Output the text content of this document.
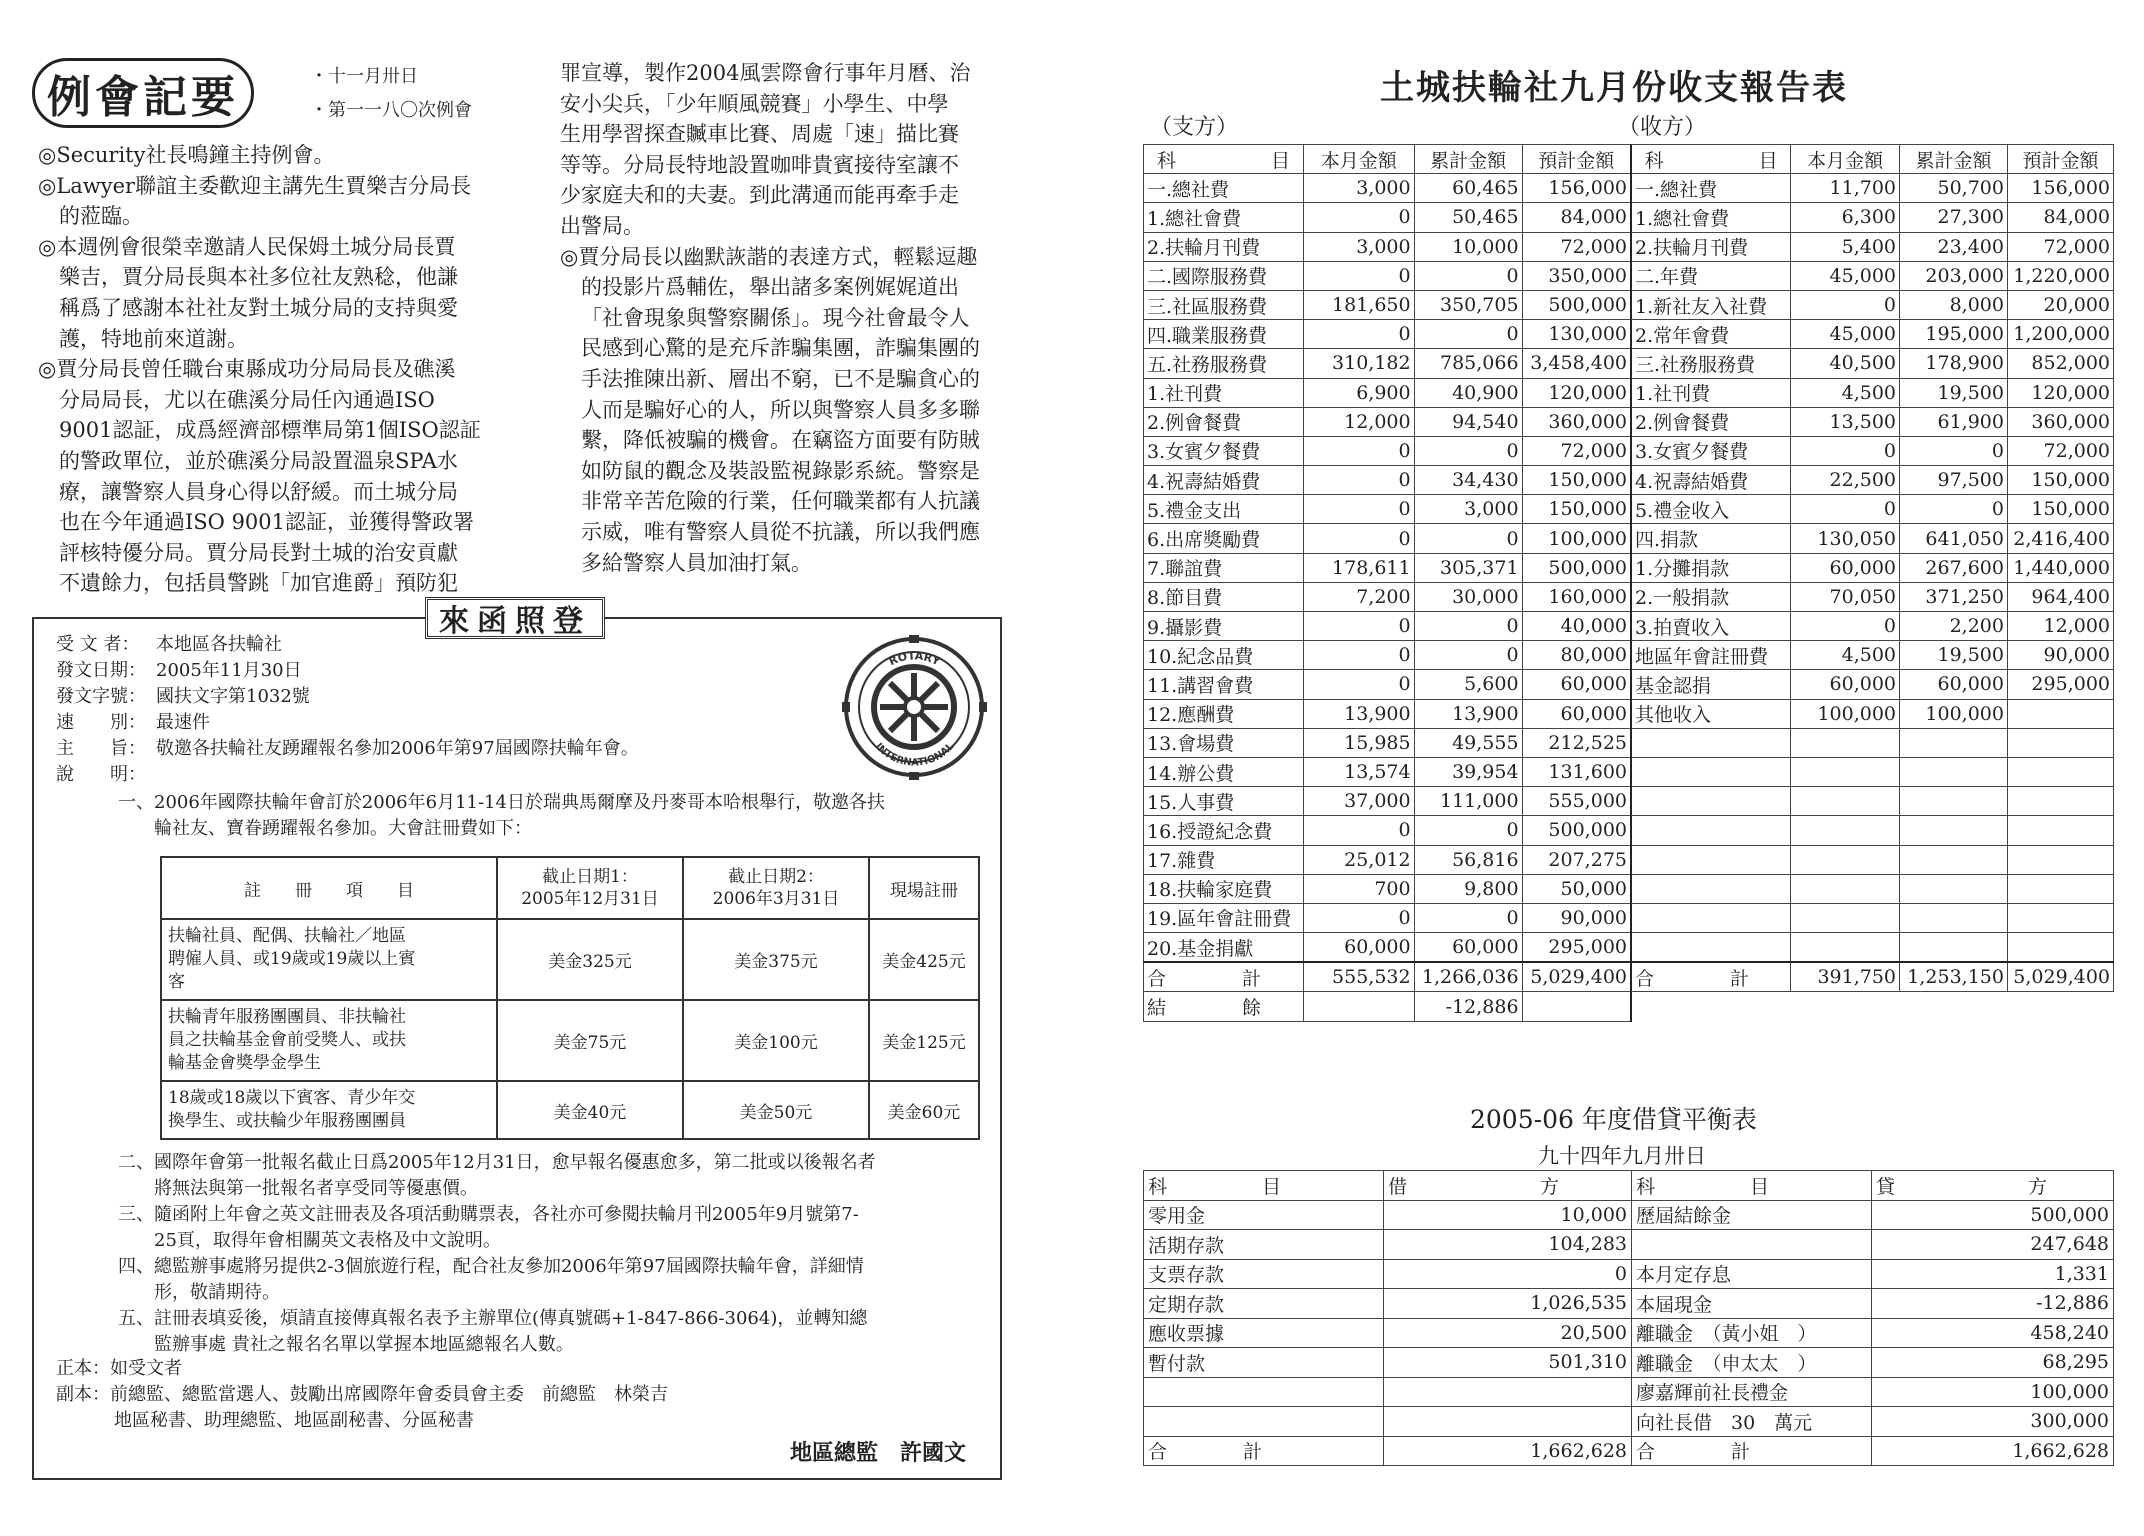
例會記要	・十一月卅日
・第一一八〇次例會
◎Security社長鳴鐘主持例會。
◎Lawyer聯誼主委歡迎主講先生賈樂吉分局長
的蒞臨。
◎本週例會很榮幸邀請人民保姆土城分局長賈
樂吉，賈分局長與本社多位社友熟稔，他謙
稱爲了感謝本社社友對土城分局的支持與愛
護，特地前來道謝。
◎賈分局長曾任職台東縣成功分局局長及礁溪
分局局長，尤以在礁溪分局任內通過ISO
9001認証，成爲經濟部標準局第1個ISO認証
的警政單位，並於礁溪分局設置溫泉SPA水
療，讓警察人員身心得以舒緩。而土城分局
也在今年通過ISO 9001認証，並獲得警政署
評核特優分局。賈分局長對土城的治安貢獻
不遺餘力，包括員警跳「加官進爵」預防犯
罪宣導，製作2004風雲際會行事年月曆、治
安小尖兵，「少年順風競賽」小學生、中學
生用學習探查贓車比賽、周處「速」描比賽
等等。分局長特地設置咖啡貴賓接待室讓不
少家庭夫和的夫妻。到此溝通而能再牽手走
出警局。
◎賈分局長以幽默詼諧的表達方式，輕鬆逗趣
的投影片爲輔佐，舉出諸多案例娓娓道出
「社會現象與警察關係」。現今社會最令人
民感到心驚的是充斥詐騙集團，詐騙集團的
手法推陳出新、層出不窮，已不是騙貪心的
人而是騙好心的人，所以與警察人員多多聯
繫，降低被騙的機會。在竊盜方面要有防賊
如防鼠的觀念及裝設監視錄影系統。警察是
非常辛苦危險的行業，任何職業都有人抗議
示威，唯有警察人員從不抗議，所以我們應
多給警察人員加油打氣。
來函照登
ROTARY
INTERNATIONAL
受 文 者： 本地區各扶輪社
發文日期： 2005年11月30日
發文字號： 國扶文字第1032號
速　　別： 最速件
主　　旨： 敬邀各扶輪社友踴躍報名參加2006年第97屆國際扶輪年會。
說　　明：
一、2006年國際扶輪年會訂於2006年6月11-14日於瑞典馬爾摩及丹麥哥本哈根舉行，敬邀各扶
輪社友、寶眷踴躍報名參加。大會註冊費如下：
註　　冊　　項　　目	截止日期1：
2005年12月31日	截止日期2：
2006年3月31日	現場註冊

扶輪社員、配偶、扶輪社／地區
聘僱人員、或19歲或19歲以上賓
客	美金325元	美金375元	美金425元

扶輪青年服務團團員、非扶輪社
員之扶輪基金會前受獎人、或扶
輪基金會獎學金學生	美金75元	美金100元	美金125元

18歲或18歲以下賓客、青少年交
換學生、或扶輪少年服務團團員	美金40元	美金50元	美金60元
二、國際年會第一批報名截止日爲2005年12月31日，愈早報名優惠愈多，第二批或以後報名者
將無法與第一批報名者享受同等優惠價。
三、隨函附上年會之英文註冊表及各項活動購票表，各社亦可參閱扶輪月刊2005年9月號第7-
25頁，取得年會相關英文表格及中文說明。
四、總監辦事處將另提供2-3個旅遊行程，配合社友參加2006年第97屆國際扶輪年會，詳細情
形，敬請期待。
五、註冊表填妥後，煩請直接傳真報名表予主辦單位(傳真號碼+1-847-866-3064)，並轉知總
監辦事處 貴社之報名名單以掌握本地區總報名人數。
正本：如受文者
副本：前總監、總監當選人、鼓勵出席國際年會委員會主委　前總監　林榮吉
地區秘書、助理總監、地區副秘書、分區秘書
地區總監　許國文
土城扶輪社九月份收支報告表
（支方）	（收方）
科　　　　　目	本月金額	累計金額	預計金額	科　　　　　目	本月金額	累計金額	預計金額
一.總社費	3,000	60,465	156,000	一.總社費	11,700	50,700	156,000
1.總社會費	0	50,465	84,000	1.總社會費	6,300	27,300	84,000
2.扶輪月刊費	3,000	10,000	72,000	2.扶輪月刊費	5,400	23,400	72,000
二.國際服務費	0	0	350,000	二.年費	45,000	203,000	1,220,000
三.社區服務費	181,650	350,705	500,000	1.新社友入社費	0	8,000	20,000
四.職業服務費	0	0	130,000	2.常年會費	45,000	195,000	1,200,000
五.社務服務費	310,182	785,066	3,458,400	三.社務服務費	40,500	178,900	852,000
1.社刊費	6,900	40,900	120,000	1.社刊費	4,500	19,500	120,000
2.例會餐費	12,000	94,540	360,000	2.例會餐費	13,500	61,900	360,000
3.女賓夕餐費	0	0	72,000	3.女賓夕餐費	0	0	72,000
4.祝壽結婚費	0	34,430	150,000	4.祝壽結婚費	22,500	97,500	150,000
5.禮金支出	0	3,000	150,000	5.禮金收入	0	0	150,000
6.出席獎勵費	0	0	100,000	四.捐款	130,050	641,050	2,416,400
7.聯誼費	178,611	305,371	500,000	1.分攤捐款	60,000	267,600	1,440,000
8.節目費	7,200	30,000	160,000	2.一般捐款	70,050	371,250	964,400
9.攝影費	0	0	40,000	3.拍賣收入	0	2,200	12,000
10.紀念品費	0	0	80,000	地區年會註冊費	4,500	19,500	90,000
11.講習會費	0	5,600	60,000	基金認捐	60,000	60,000	295,000
12.應酬費	13,900	13,900	60,000	其他收入	100,000	100,000	
13.會場費	15,985	49,555	212,525				
14.辦公費	13,574	39,954	131,600				
15.人事費	37,000	111,000	555,000				
16.授證紀念費	0	0	500,000				
17.雜費	25,012	56,816	207,275				
18.扶輪家庭費	700	9,800	50,000				
19.區年會註冊費	0	0	90,000				
20.基金捐獻	60,000	60,000	295,000				
合　　　　計	555,532	1,266,036	5,029,400	合　　　　計	391,750	1,253,150	5,029,400
結　　　　餘		-12,886					
2005-06 年度借貸平衡表
九十四年九月卅日
科　　　　　目	借　　　　　　　方	科　　　　　目	貸　　　　　　　方
零用金	10,000	歷屆結餘金	500,000
活期存款	104,283		247,648
支票存款	0	本月定存息	1,331
定期存款	1,026,535	本屆現金	-12,886
應收票據	20,500	離職金　（黃小姐　）	458,240
暫付款	501,310	離職金　（申太太　）	68,295
		廖嘉輝前社長禮金	100,000
		向社長借　30　萬元	300,000
合　　　　計	1,662,628	合　　　　計	1,662,628
